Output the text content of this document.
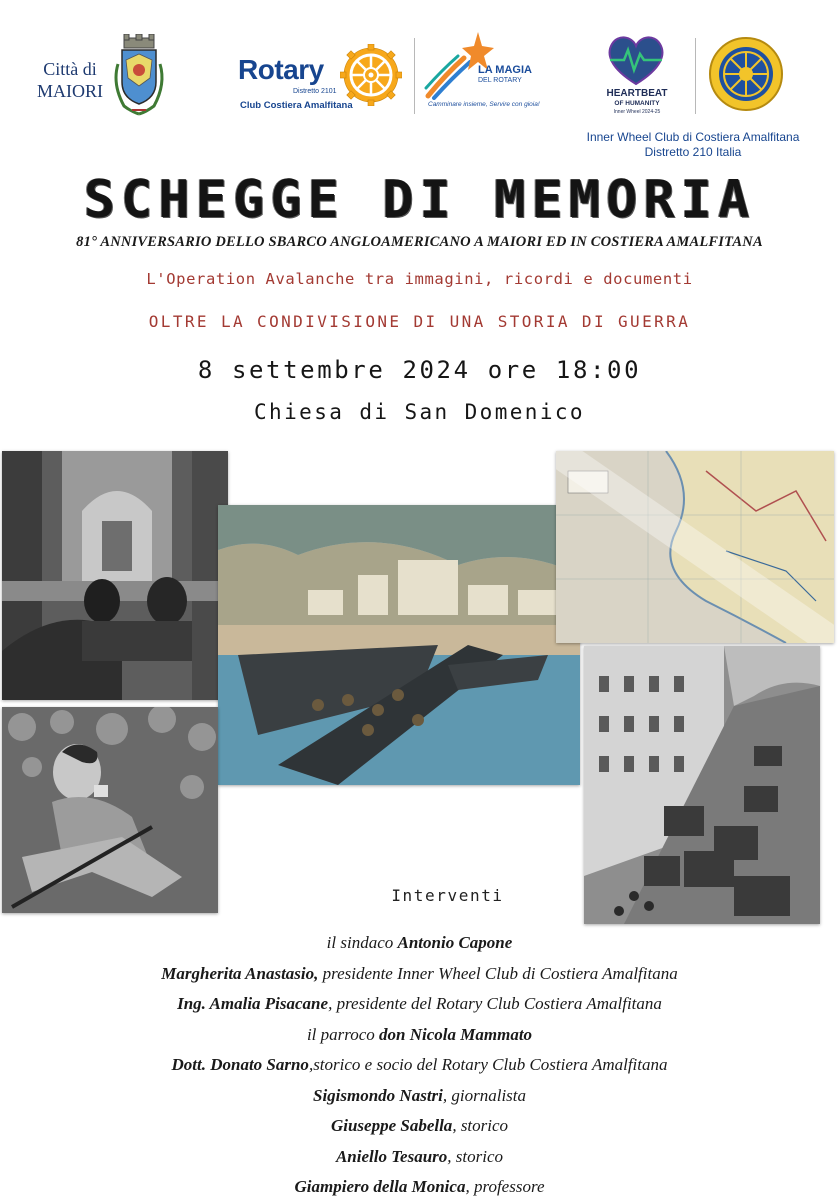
Città di
MAIORI
Rotary
Distretto 2101
Club Costiera Amalfitana
LA MAGIA
DEL ROTARY
Camminare insieme, Servire con gioia!
HEARTBEAT
OF HUMANITY
Inner Wheel 2024-25
Inner Wheel Club di Costiera Amalfitana
Distretto 210 Italia
SCHEGGE DI MEMORIA
81° ANNIVERSARIO DELLO SBARCO ANGLOAMERICANO A MAIORI ED IN COSTIERA AMALFITANA
L'Operation Avalanche tra immagini, ricordi e documenti
OLTRE LA CONDIVISIONE DI UNA STORIA DI GUERRA
8 settembre 2024 ore 18:00
Chiesa di San Domenico
Interventi
il sindaco Antonio Capone
Margherita Anastasio, presidente Inner Wheel Club di Costiera Amalfitana
Ing. Amalia Pisacane, presidente del Rotary Club Costiera Amalfitana
il parroco don Nicola Mammato
Dott. Donato Sarno,storico e socio del Rotary Club Costiera Amalfitana
Sigismondo Nastri, giornalista
Giuseppe Sabella, storico
Aniello Tesauro, storico
Giampiero della Monica, professore
